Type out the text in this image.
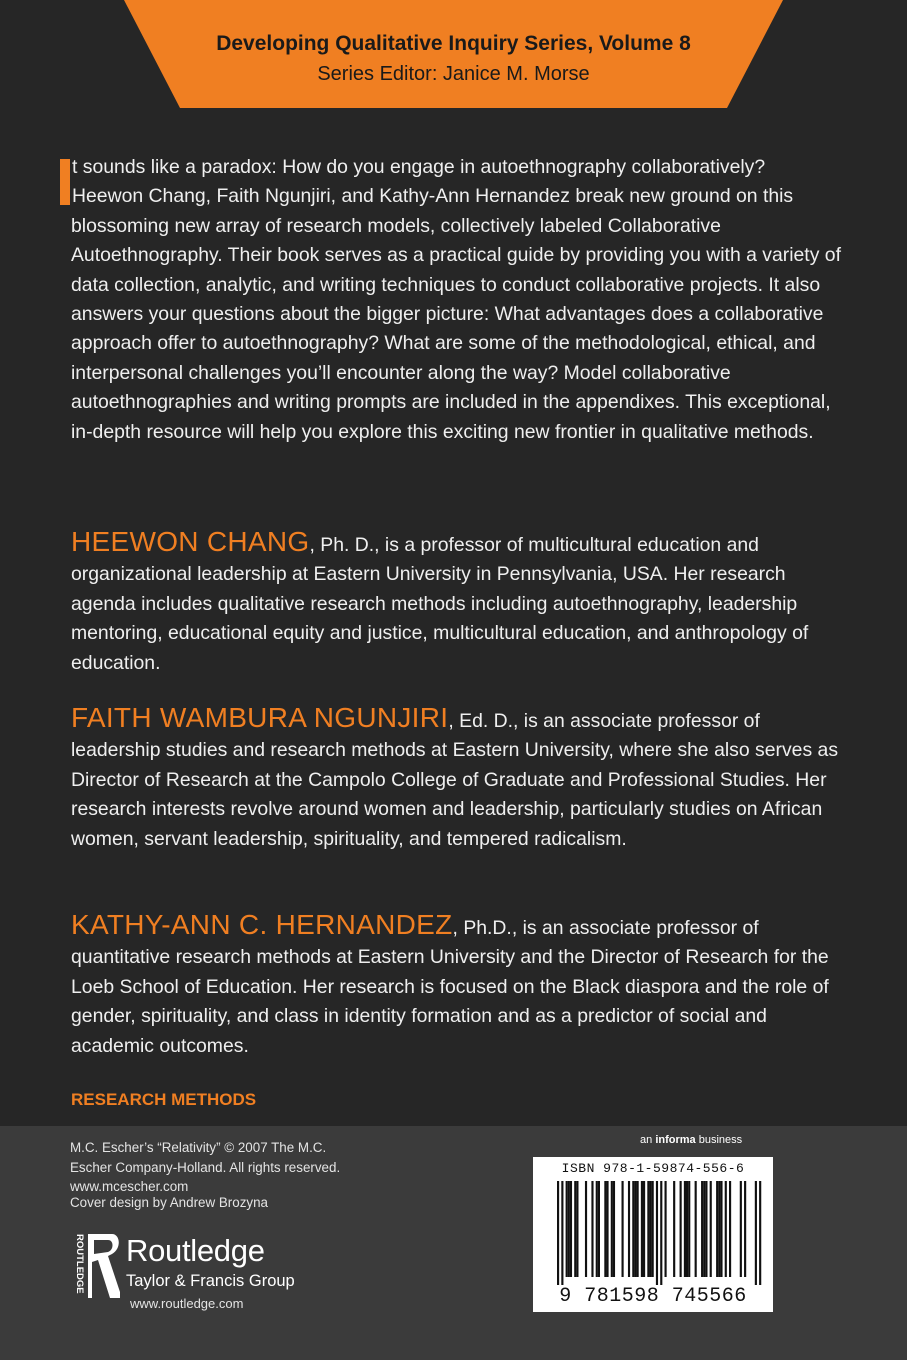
Developing Qualitative Inquiry Series, Volume 8
Series Editor: Janice M. Morse

t sounds like a paradox: How do you engage in autoethnography collaboratively? Heewon Chang, Faith Ngunjiri, and Kathy-Ann Hernandez break new ground on this blossoming new array of research models, collectively labeled Collaborative Autoethnography. Their book serves as a practical guide by providing you with a variety of data collection, analytic, and writing techniques to conduct collaborative projects. It also answers your questions about the bigger picture: What advantages does a collaborative approach offer to autoethnography? What are some of the methodological, ethical, and interpersonal challenges you’ll encounter along the way? Model collaborative autoethnographies and writing prompts are included in the appendixes. This exceptional, in-depth resource will help you explore this exciting new frontier in qualitative methods.

HEEWON CHANG, Ph. D., is a professor of multicultural education and organizational leadership at Eastern University in Pennsylvania, USA. Her research agenda includes qualitative research methods including autoethnography, leadership mentoring, educational equity and justice, multicultural education, and anthropology of education.

FAITH WAMBURA NGUNJIRI, Ed. D., is an associate professor of leadership studies and research methods at Eastern University, where she also serves as Director of Research at the Campolo College of Graduate and Professional Studies. Her research interests revolve around women and leadership, particularly studies on African women, servant leadership, spirituality, and tempered radicalism.

KATHY-ANN C. HERNANDEZ, Ph.D., is an associate professor of quantitative research methods at Eastern University and the Director of Research for the Loeb School of Education. Her research is focused on the Black diaspora and the role of gender, spirituality, and class in identity formation and as a predictor of social and academic outcomes.

RESEARCH METHODS
M.C. Escher’s “Relativity” © 2007 The M.C. Escher Company-Holland. All rights reserved. www.mcescher.com
Cover design by Andrew Brozyna
ROUTLEDGE Routledge
Taylor & Francis Group
www.routledge.com
an informa business
ISBN 978-1-59874-556-6
9 781598 745566
